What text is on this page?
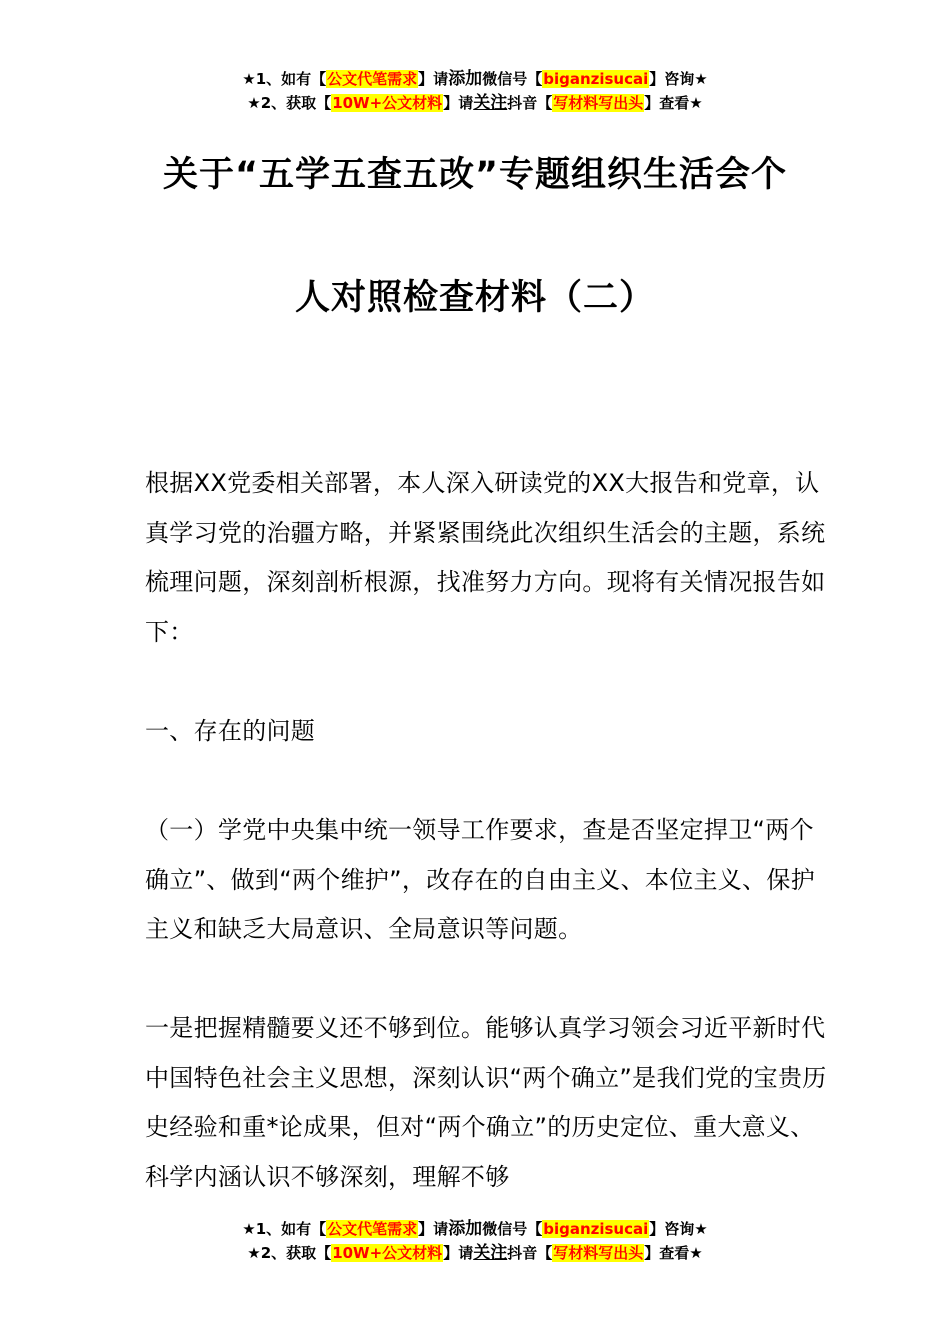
★1、如有【公文代笔需求】请添加微信号【biganzisucai】咨询★
★2、获取【10W+公文材料】请关注抖音【写材料写出头】查看★
关于“五学五查五改”专题组织生活会个
人对照检查材料（二）
根据XX党委相关部署，本人深入研读党的XX大报告和党章，认真学习党的治疆方略，并紧紧围绕此次组织生活会的主题，系统梳理问题，深刻剖析根源，找准努力方向。现将有关情况报告如下：
一、存在的问题
（一）学党中央集中统一领导工作要求，查是否坚定捍卫“两个确立”、做到“两个维护”，改存在的自由主义、本位主义、保护主义和缺乏大局意识、全局意识等问题。
一是把握精髓要义还不够到位。能够认真学习领会习近平新时代中国特色社会主义思想，深刻认识“两个确立”是我们党的宝贵历史经验和重*论成果，但对“两个确立”的历史定位、重大意义、科学内涵认识不够深刻，理解不够
★1、如有【公文代笔需求】请添加微信号【biganzisucai】咨询★
★2、获取【10W+公文材料】请关注抖音【写材料写出头】查看★
